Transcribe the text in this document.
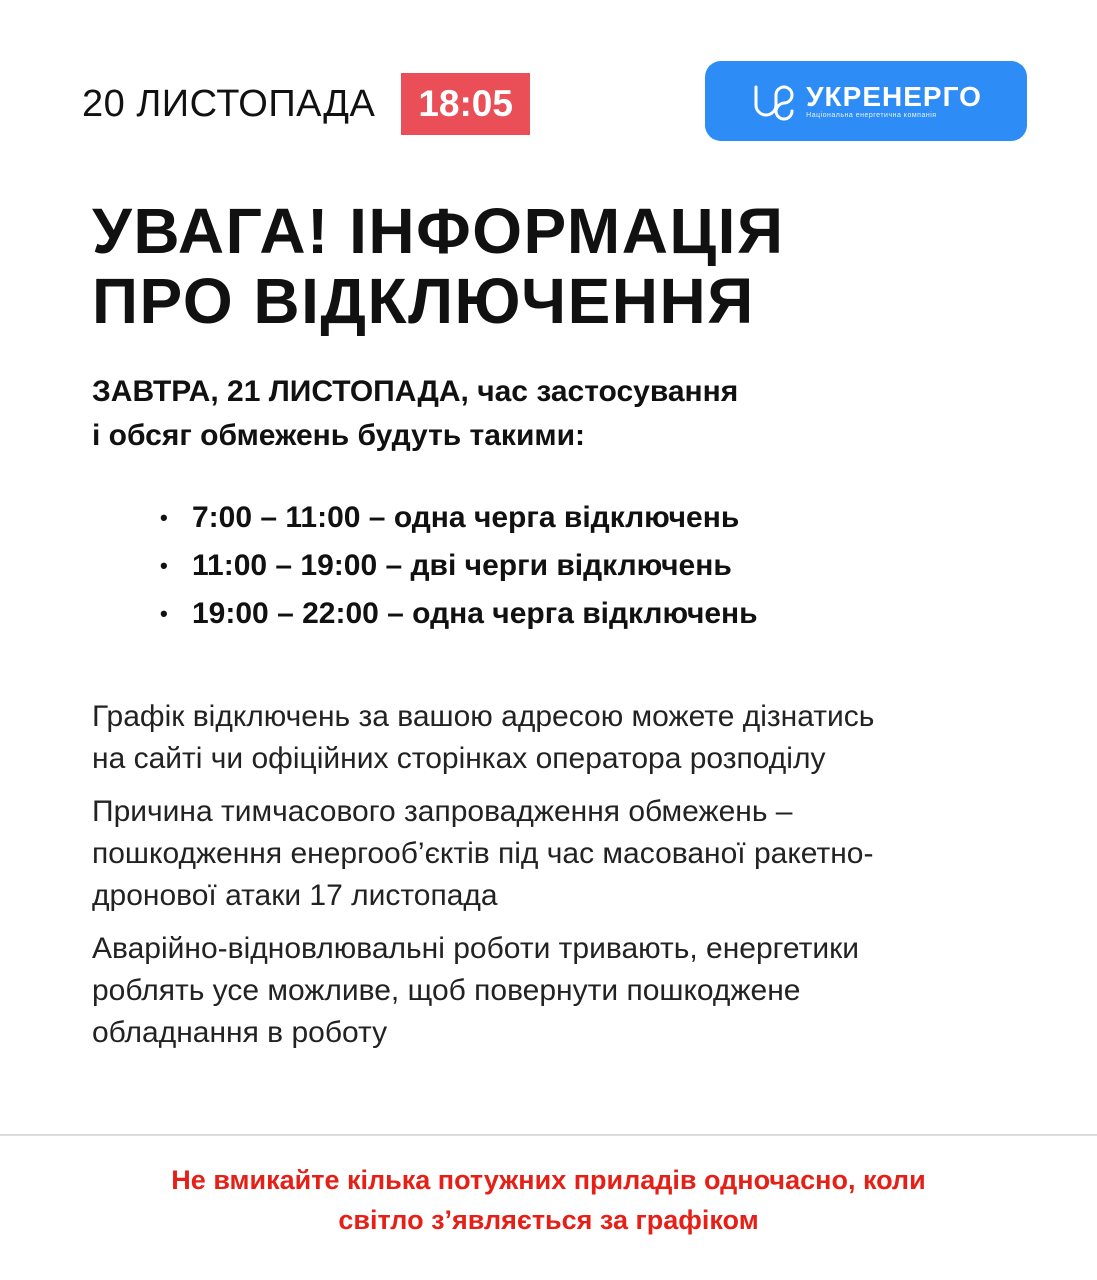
20 ЛИСТОПАДА	18:05	УКРЕНЕРГО
Національна енергетична компанія
УВАГА! ІНФОРМАЦІЯ
ПРО ВІДКЛЮЧЕННЯ

ЗАВТРА, 21 ЛИСТОПАДА, час застосування
і обсяг обмежень будуть такими:

• 7:00 – 11:00 – одна черга відключень
• 11:00 – 19:00 – дві черги відключень
• 19:00 – 22:00 – одна черга відключень

Графік відключень за вашою адресою можете дізнатись
на сайті чи офіційних сторінках оператора розподілу

Причина тимчасового запровадження обмежень –
пошкодження енергооб’єктів під час масованої ракетно-
дронової атаки 17 листопада

Аварійно-відновлювальні роботи тривають, енергетики
роблять усе можливе, щоб повернути пошкоджене
обладнання в роботу

Не вмикайте кілька потужних приладів одночасно, коли
світло з’являється за графіком
